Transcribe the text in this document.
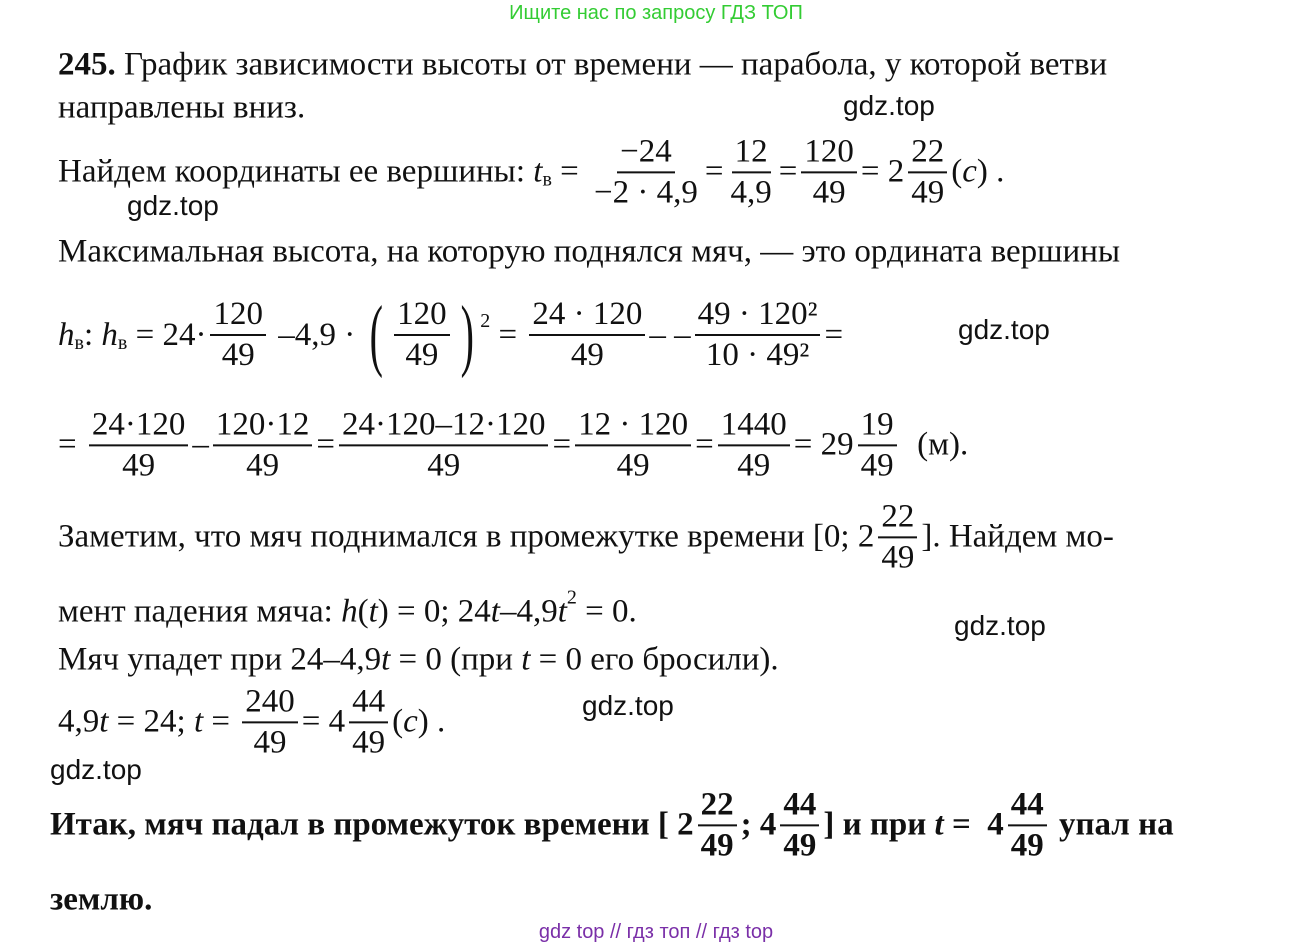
Ищите нас по запросу ГДЗ ТОП
245. График зависимости высоты от времени — парабола, у которой ветви
направлены вниз.
Найдем координаты ее вершины: t $в = \frac{-24}{-2 \cdot 4,9} = \frac{12}{4,9} = \frac{120}{49} = 2 \frac{22}{49}$ ( c ) .
Максимальная высота, на которую поднялся мяч, — это ордината вершины
h в : h $в = 24\cdot \frac{120}{49} -4,9$ · ( $\frac{120}{49}$ ) $2 = \frac{24 \cdot 120}{49}$ – – $\frac{\text{49 · 120²}}{\text{10 · 49²}}$ =
= $\frac{24\cdot 120}{49} - \frac{120\cdot 12}{49} = \frac{24\cdot 120-12\cdot 120}{49} = \frac{12 \cdot 120}{49} = \frac{1440}{49} = 29 \frac{19}{49} (м)$.
Заметим, что мяч поднимался в промежутке времени [0; $2 \frac{22}{49}$ ]. Найдем мо-
мент падения мяча: h ( t ) = 0; 24 t –4,9 t 2 = 0.
Мяч упадет при 24–4,9 t = 0 (при t = 0 его бросили).
4,9 t = 24; $t = \frac{240}{49} = 4 \frac{44}{49}$ ( c ) .
Итак, мяч падал в промежуток времени [ $2 \frac{22}{49}$ ; $4 \frac{44}{49}$ ] и при $t = 4 \frac{44}{49}$ упал на
землю.
gdz.top
gdz.top
gdz.top
gdz.top
gdz.top
gdz.top
gdz top // гдз топ // гдз top
